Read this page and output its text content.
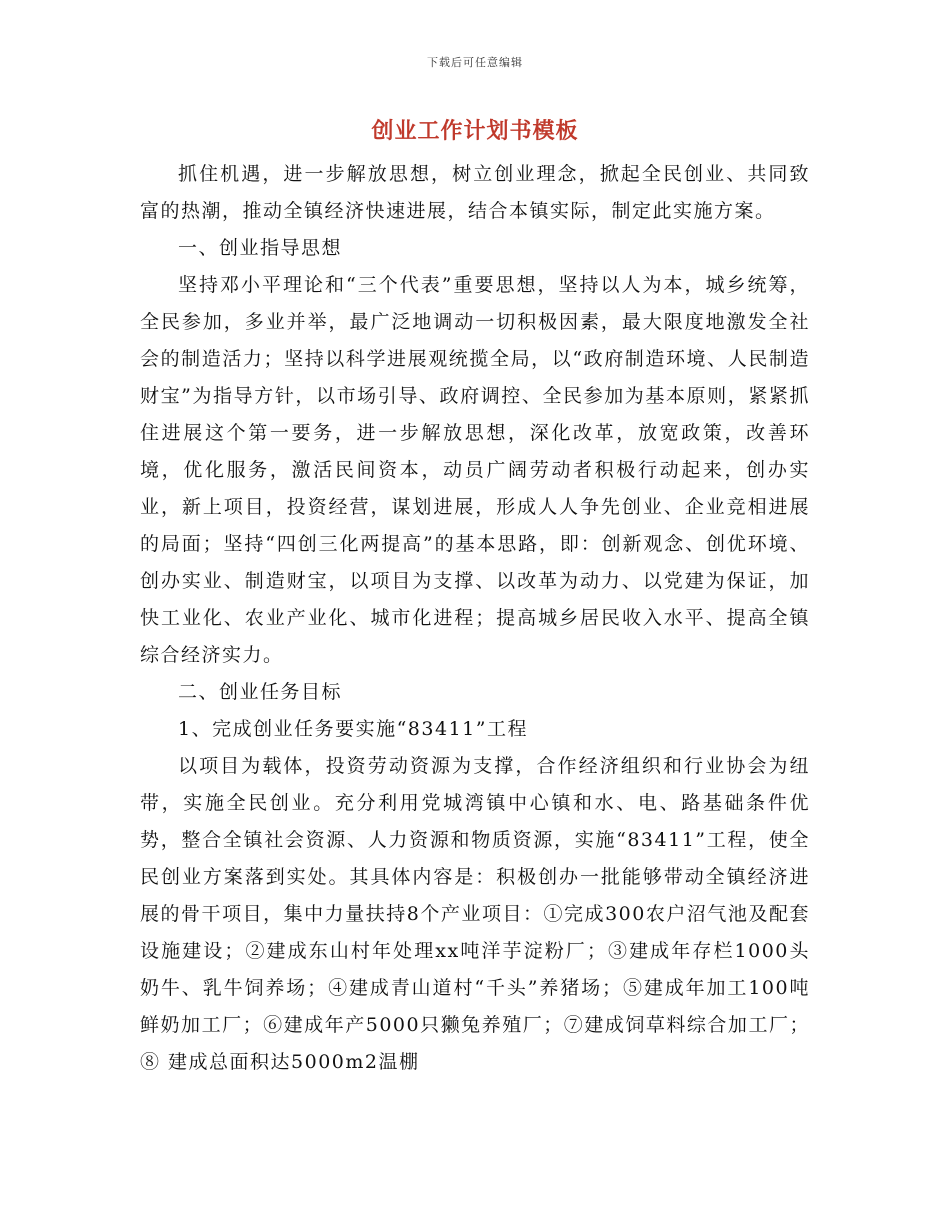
下载后可任意编辑
创业工作计划书模板

抓住机遇，进一步解放思想，树立创业理念，掀起全民创业、共同致富的热潮，推动全镇经济快速进展，结合本镇实际，制定此实施方案。

一、创业指导思想

坚持邓小平理论和“三个代表”重要思想，坚持以人为本，城乡统筹，全民参加，多业并举，最广泛地调动一切积极因素，最大限度地激发全社会的制造活力；坚持以科学进展观统揽全局，以“政府制造环境、人民制造财宝”为指导方针，以市场引导、政府调控、全民参加为基本原则，紧紧抓住进展这个第一要务，进一步解放思想，深化改革，放宽政策，改善环境，优化服务，激活民间资本，动员广阔劳动者积极行动起来，创办实业，新上项目，投资经营，谋划进展，形成人人争先创业、企业竞相进展的局面；坚持“四创三化两提高”的基本思路，即：创新观念、创优环境、创办实业、制造财宝，以项目为支撑、以改革为动力、以党建为保证，加快工业化、农业产业化、城市化进程；提高城乡居民收入水平、提高全镇综合经济实力。

二、创业任务目标

1、完成创业任务要实施“83411”工程

以项目为载体，投资劳动资源为支撑，合作经济组织和行业协会为纽带，实施全民创业。充分利用党城湾镇中心镇和水、电、路基础条件优势，整合全镇社会资源、人力资源和物质资源，实施“83411”工程，使全民创业方案落到实处。其具体内容是：积极创办一批能够带动全镇经济进展的骨干项目，集中力量扶持8个产业项目：①完成300农户沼气池及配套设施建设；②建成东山村年处理xx吨洋芋淀粉厂；③建成年存栏1000头奶牛、乳牛饲养场；④建成青山道村“千头”养猪场；⑤建成年加工100吨鲜奶加工厂；⑥建成年产5000只獭兔养殖厂；⑦建成饲草料综合加工厂；⑧ 建成总面积达5000m2温棚
